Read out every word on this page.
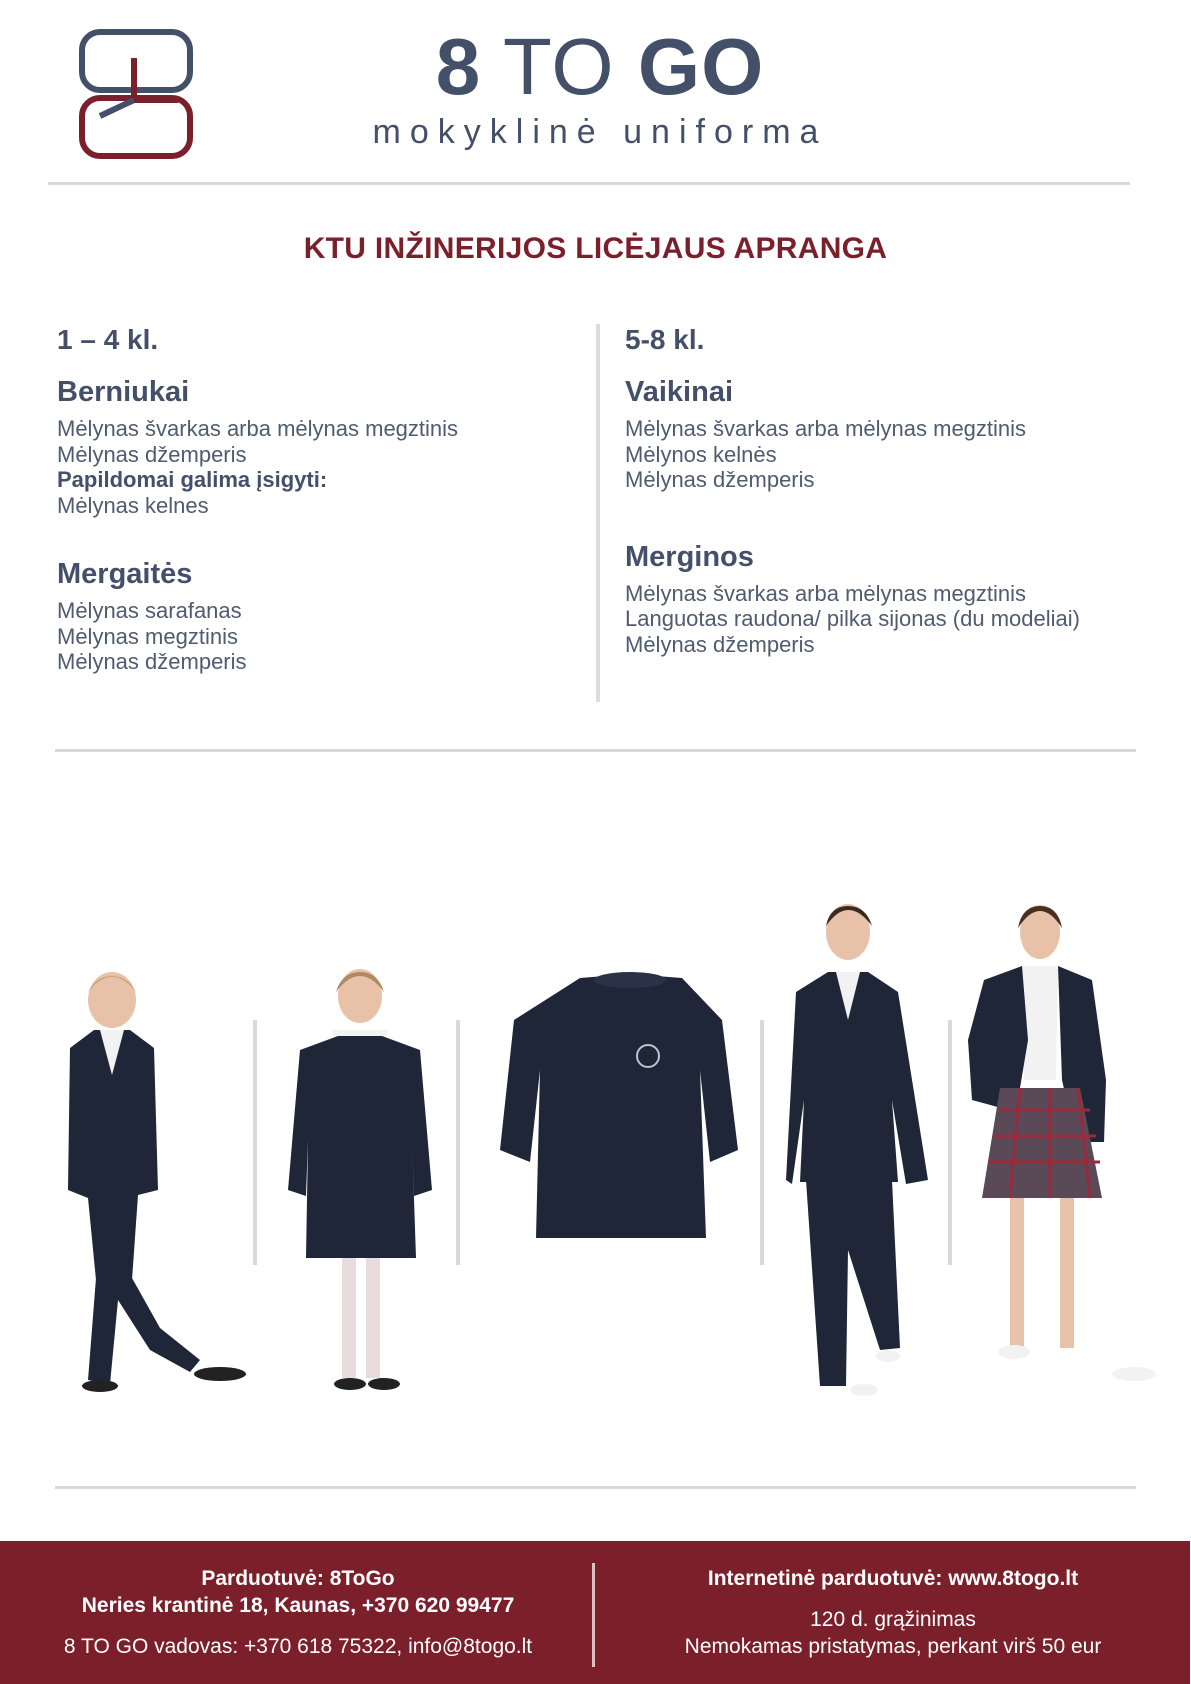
8 TO GO
mokyklinė uniforma
KTU INŽINERIJOS LICĖJAUS APRANGA
1 – 4 kl.
Berniukai
Mėlynas švarkas arba mėlynas megztinis
Mėlynas džemperis
Papildomai galima įsigyti:
Mėlynas kelnes
Mergaitės
Mėlynas sarafanas
Mėlynas megztinis
Mėlynas džemperis
5-8 kl.
Vaikinai
Mėlynas švarkas arba mėlynas megztinis
Mėlynos kelnės
Mėlynas džemperis
Merginos
Mėlynas švarkas arba mėlynas megztinis
Languotas raudona/ pilka sijonas (du modeliai)
Mėlynas džemperis
Parduotuvė: 8ToGo
Neries krantinė 18, Kaunas, +370 620 99477
8 TO GO vadovas: +370 618 75322, info@8togo.lt
Internetinė parduotuvė: www.8togo.lt
120 d. grąžinimas
Nemokamas pristatymas, perkant virš 50 eur
